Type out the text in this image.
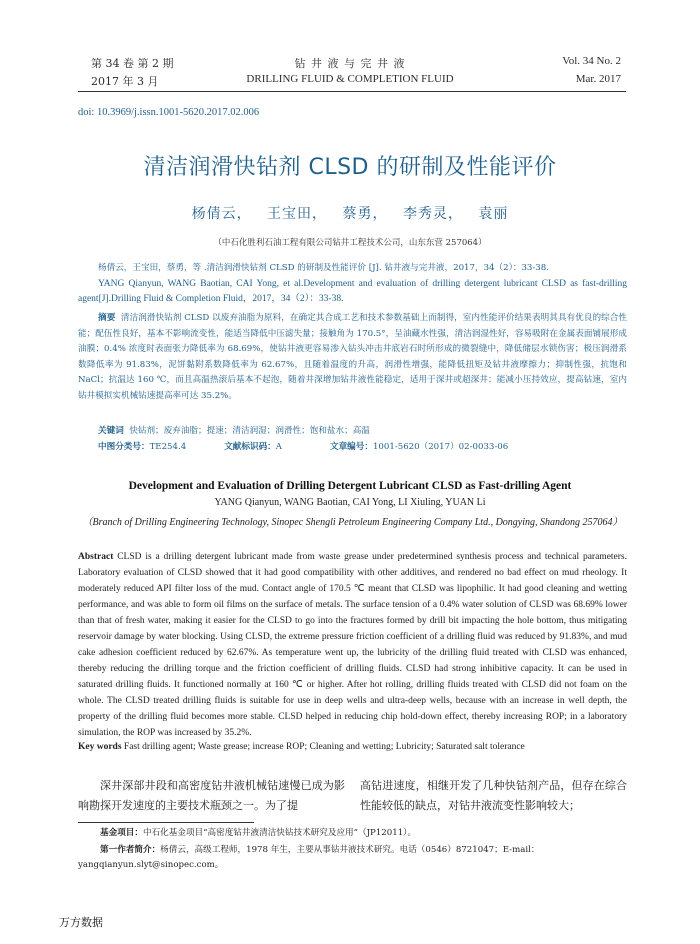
第 34 卷 第 2 期
2017 年 3 月
钻 井 液 与 完 井 液
DRILLING FLUID & COMPLETION FLUID
Vol. 34 No. 2
Mar. 2017
doi: 10.3969/j.issn.1001-5620.2017.02.006
清洁润滑快钻剂 CLSD 的研制及性能评价
杨倩云， 王宝田， 蔡勇， 李秀灵， 袁丽
（中石化胜利石油工程有限公司钻井工程技术公司，山东东营 257064）
杨倩云，王宝田，蔡勇，等 .清洁润滑快钻剂 CLSD 的研制及性能评价 [J]. 钻井液与完井液，2017，34（2）：33-38.
YANG Qianyun, WANG Baotian, CAI Yong, et al.Development and evaluation of drilling detergent lubricant CLSD as fast-drilling agent[J].Drilling Fluid & Completion Fluid，2017，34（2）：33-38.
摘要 清洁润滑快钻剂 CLSD 以废弃油脂为原料，在确定其合成工艺和技术参数基础上而制得，室内性能评价结果表明其具有优良的综合性能；配伍性良好，基本不影响流变性，能适当降低中压滤失量；接触角为 170.5°，呈油藏水性强，清洁润湿性好，容易吸附在金属表面铺展形成油膜；0.4% 浓度时表面张力降低率为 68.69%，使钻井液更容易渗入钻头冲击井底岩石时所形成的微裂缝中，降低储层水锁伤害；极压润滑系数降低率为 91.83%，泥饼黏附系数降低率为 62.67%，且随着温度的升高，润滑性增强，能降低扭矩及钻井液摩擦力；抑制性强，抗饱和 NaCl；抗温达 160 ℃，而且高温热滚后基本不起泡，随着井深增加钻井液性能稳定，适用于深井或超深井；能减小压持效应，提高钻速，室内钻井模拟实机械钻速提高率可达 35.2%。
关键词 快钻剂；废弃油脂；提速；清洁润湿；润滑性；饱和盐水；高温
中图分类号：TE254.4	文献标识码：A	文章编号：1001-5620（2017）02-0033-06
Development and Evaluation of Drilling Detergent Lubricant CLSD as Fast-drilling Agent
YANG Qianyun, WANG Baotian, CAI Yong, LI Xiuling, YUAN Li
（Branch of Drilling Engineering Technology, Sinopec Shengli Petroleum Engineering Company Ltd., Dongying, Shandong 257064）
Abstract CLSD is a drilling detergent lubricant made from waste grease under predetermined synthesis process and technical parameters. Laboratory evaluation of CLSD showed that it had good compatibility with other additives, and rendered no bad effect on mud rheology. It moderately reduced API filter loss of the mud. Contact angle of 170.5 ℃ meant that CLSD was lipophilic. It had good cleaning and wetting performance, and was able to form oil films on the surface of metals. The surface tension of a 0.4% water solution of CLSD was 68.69% lower than that of fresh water, making it easier for the CLSD to go into the fractures formed by drill bit impacting the hole bottom, thus mitigating reservoir damage by water blocking. Using CLSD, the extreme pressure friction coefficient of a drilling fluid was reduced by 91.83%, and mud cake adhesion coefficient reduced by 62.67%. As temperature went up, the lubricity of the drilling fluid treated with CLSD was enhanced, thereby reducing the drilling torque and the friction coefficient of drilling fluids. CLSD had strong inhibitive capacity. It can be used in saturated drilling fluids. It functioned normally at 160 ℃ or higher. After hot rolling, drilling fluids treated with CLSD did not foam on the whole. The CLSD treated drilling fluids is suitable for use in deep wells and ultra-deep wells, because with an increase in well depth, the property of the drilling fluid becomes more stable. CLSD helped in reducing chip hold-down effect, thereby increasing ROP; in a laboratory simulation, the ROP was increased by 35.2%.
Key words Fast drilling agent; Waste grease; increase ROP; Cleaning and wetting; Lubricity; Saturated salt tolerance
深井深部井段和高密度钻井液机械钻速慢已成为影响勘探开发速度的主要技术瓶颈之一。为了提
高钻进速度，相继开发了几种快钻剂产品，但存在综合性能较低的缺点，对钻井液流变性影响较大；
基金项目：中石化基金项目“高密度钻井液清洁快钻技术研究及应用”（JP12011）。
第一作者简介：杨倩云，高级工程师，1978 年生，主要从事钻井液技术研究。电话（0546）8721047；E-mail：yangqianyun.slyt@sinopec.com。
万方数据
